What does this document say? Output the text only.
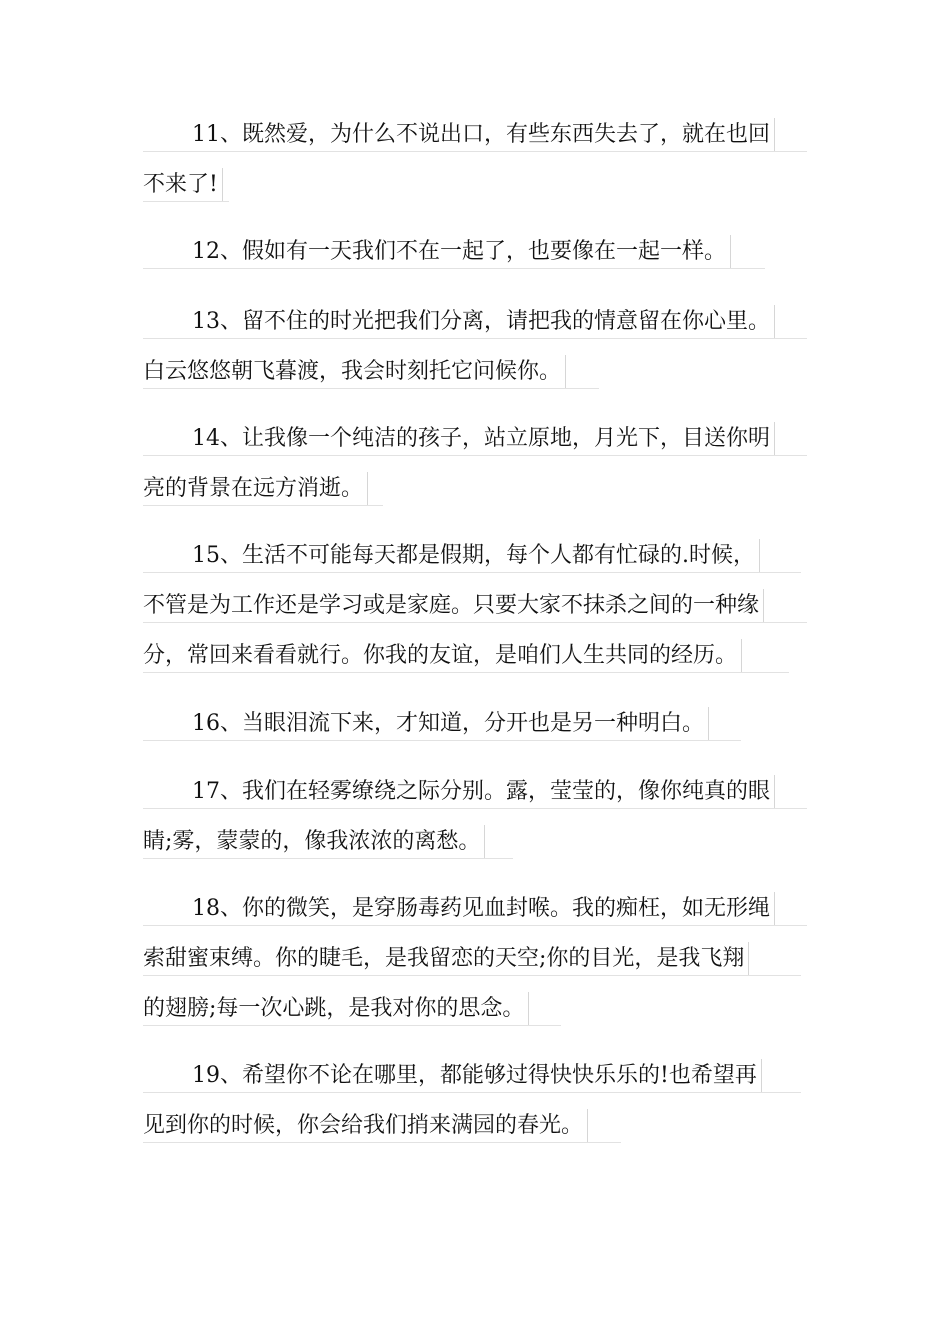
11、既然爱，为什么不说出口，有些东西失去了，就在也回
不来了!
12、假如有一天我们不在一起了，也要像在一起一样。
13、留不住的时光把我们分离，请把我的情意留在你心里。
白云悠悠朝飞暮渡，我会时刻托它问候你。
14、让我像一个纯洁的孩子，站立原地，月光下，目送你明
亮的背景在远方消逝。
15、生活不可能每天都是假期，每个人都有忙碌的.时候，
不管是为工作还是学习或是家庭。只要大家不抹杀之间的一种缘
分，常回来看看就行。你我的友谊，是咱们人生共同的经历。
16、当眼泪流下来，才知道，分开也是另一种明白。
17、我们在轻雾缭绕之际分别。露，莹莹的，像你纯真的眼
睛;雾，蒙蒙的，像我浓浓的离愁。
18、你的微笑，是穿肠毒药见血封喉。我的痴枉，如无形绳
索甜蜜束缚。你的睫毛，是我留恋的天空;你的目光，是我飞翔
的翅膀;每一次心跳，是我对你的思念。
19、希望你不论在哪里，都能够过得快快乐乐的!也希望再
见到你的时候，你会给我们捎来满园的春光。
